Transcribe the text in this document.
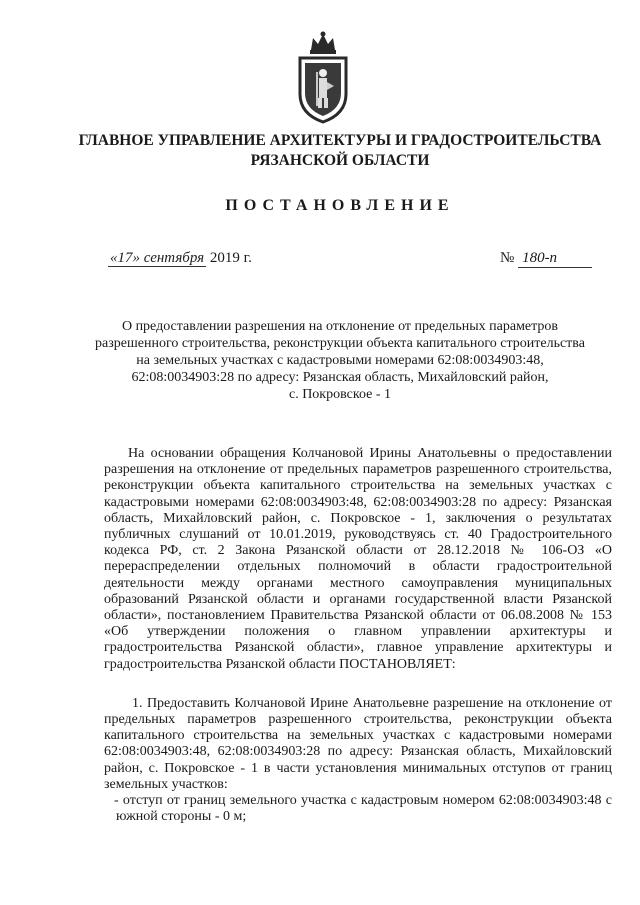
ГЛАВНОЕ УПРАВЛЕНИЕ АРХИТЕКТУРЫ И ГРАДОСТРОИТЕЛЬСТВА
РЯЗАНСКОЙ ОБЛАСТИ
ПОСТАНОВЛЕНИЕ
«17» сентября 2019 г.	№ 180-п
О предоставлении разрешения на отклонение от предельных параметров
разрешенного строительства, реконструкции объекта капитального строительства
на земельных участках с кадастровыми номерами 62:08:0034903:48,
62:08:0034903:28 по адресу: Рязанская область, Михайловский район,
с. Покровское - 1

На основании обращения Колчановой Ирины Анатольевны о предоставлении разрешения на отклонение от предельных параметров разрешенного строительства, реконструкции объекта капитального строительства на земельных участках с кадастровыми номерами 62:08:0034903:48, 62:08:0034903:28 по адресу: Рязанская область, Михайловский район, с. Покровское - 1, заключения о результатах публичных слушаний от 10.01.2019, руководствуясь ст. 40 Градостроительного кодекса РФ, ст. 2 Закона Рязанской области от 28.12.2018 № 106-ОЗ «О перераспределении отдельных полномочий в области градостроительной деятельности между органами местного самоуправления муниципальных образований Рязанской области и органами государственной власти Рязанской области», постановлением Правительства Рязанской области от 06.08.2008 № 153 «Об утверждении положения о главном управлении архитектуры и градостроительства Рязанской области», главное управление архитектуры и градостроительства Рязанской области ПОСТАНОВЛЯЕТ:

1. Предоставить Колчановой Ирине Анатольевне разрешение на отклонение от предельных параметров разрешенного строительства, реконструкции объекта капитального строительства на земельных участках с кадастровыми номерами 62:08:0034903:48, 62:08:0034903:28 по адресу: Рязанская область, Михайловский район, с. Покровское - 1 в части установления минимальных отступов от границ земельных участков:

- отступ от границ земельного участка с кадастровым номером 62:08:0034903:48 с южной стороны - 0 м;
